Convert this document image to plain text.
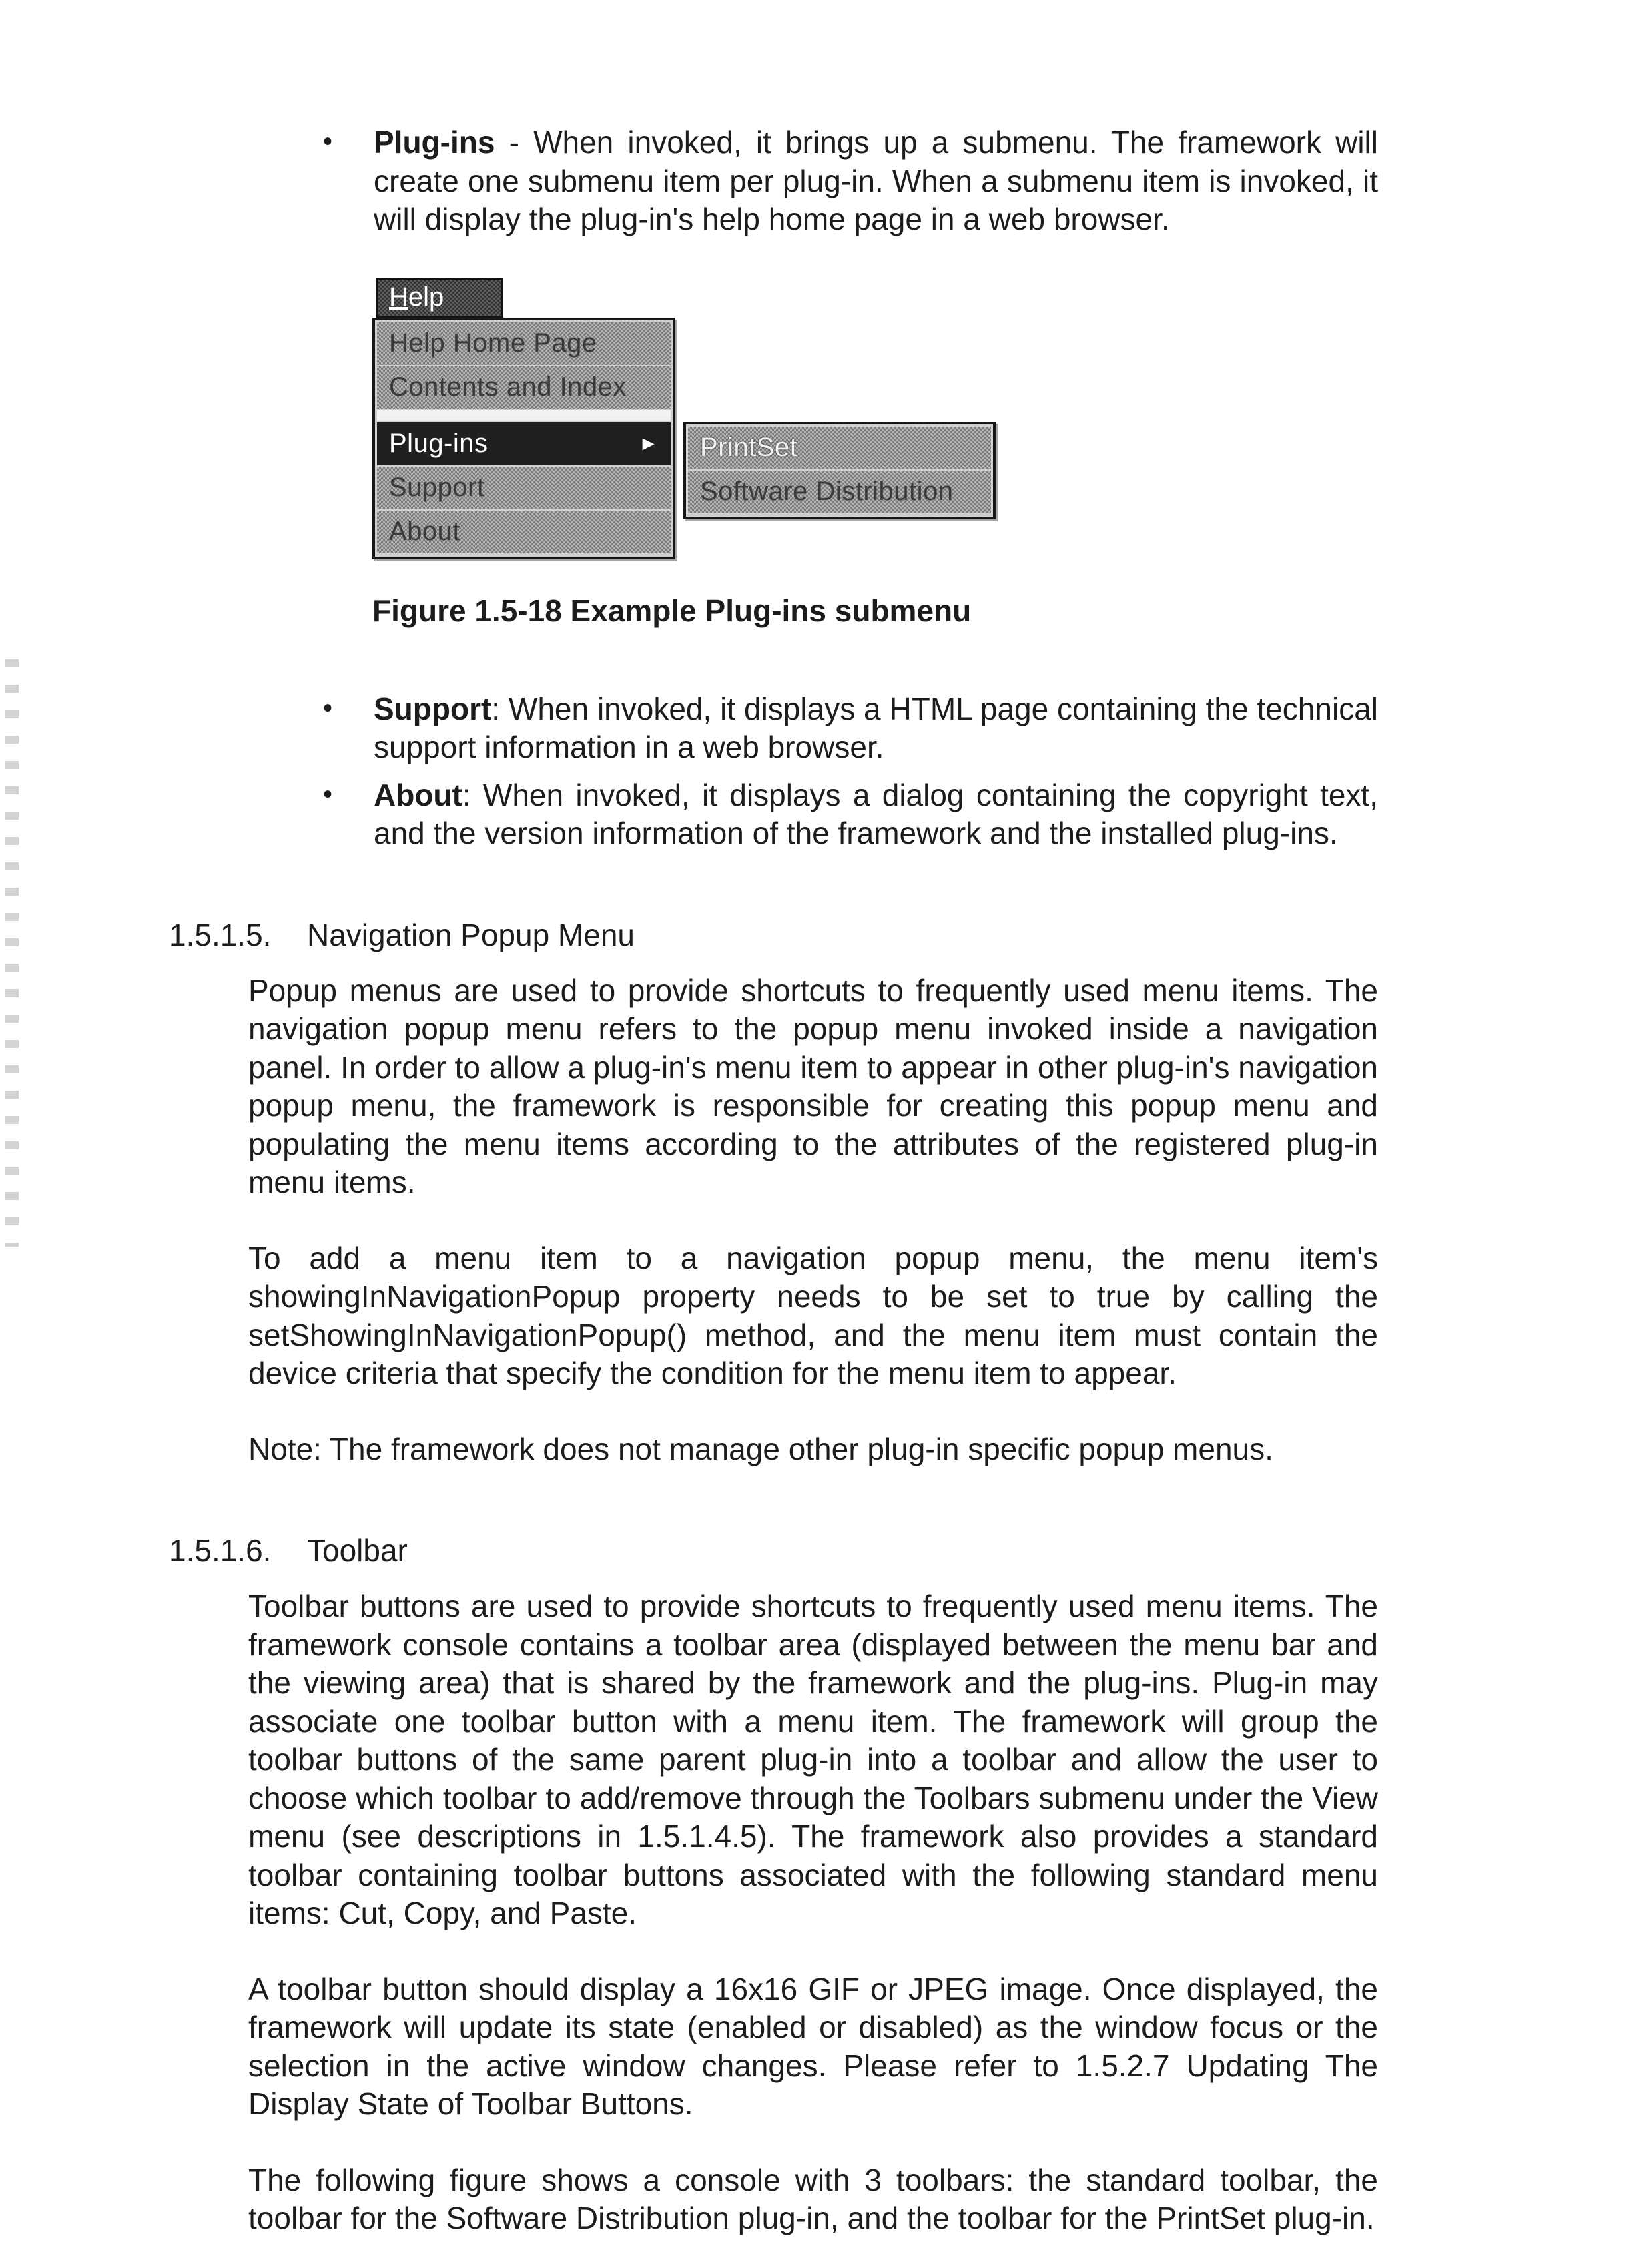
• Plug-ins - When invoked, it brings up a submenu. The framework will create one submenu item per plug-in. When a submenu item is invoked, it will display the plug-in's help home page in a web browser.
Help
Help Home Page
Contents and Index
Plug-ins	►
Support
About
PrintSet
Software Distribution
Figure 1.5-18 Example Plug-ins submenu
• Support: When invoked, it displays a HTML page containing the technical support information in a web browser.
• About: When invoked, it displays a dialog containing the copyright text, and the version information of the framework and the installed plug-ins.
1.5.1.5.	Navigation Popup Menu

Popup menus are used to provide shortcuts to frequently used menu items. The navigation popup menu refers to the popup menu invoked inside a navigation panel. In order to allow a plug-in's menu item to appear in other plug-in's navigation popup menu, the framework is responsible for creating this popup menu and populating the menu items according to the attributes of the registered plug-in menu items.

To add a menu item to a navigation popup menu, the menu item's showingInNavigationPopup property needs to be set to true by calling the setShowingInNavigationPopup() method, and the menu item must contain the device criteria that specify the condition for the menu item to appear.

Note: The framework does not manage other plug-in specific popup menus.

1.5.1.6.	Toolbar

Toolbar buttons are used to provide shortcuts to frequently used menu items. The framework console contains a toolbar area (displayed between the menu bar and the viewing area) that is shared by the framework and the plug-ins. Plug-in may associate one toolbar button with a menu item. The framework will group the toolbar buttons of the same parent plug-in into a toolbar and allow the user to choose which toolbar to add/remove through the Toolbars submenu under the View menu (see descriptions in 1.5.1.4.5). The framework also provides a standard toolbar containing toolbar buttons associated with the following standard menu items: Cut, Copy, and Paste.

A toolbar button should display a 16x16 GIF or JPEG image. Once displayed, the framework will update its state (enabled or disabled) as the window focus or the selection in the active window changes. Please refer to 1.5.2.7 Updating The Display State of Toolbar Buttons.

The following figure shows a console with 3 toolbars: the standard toolbar, the toolbar for the Software Distribution plug-in, and the toolbar for the PrintSet plug-in.
